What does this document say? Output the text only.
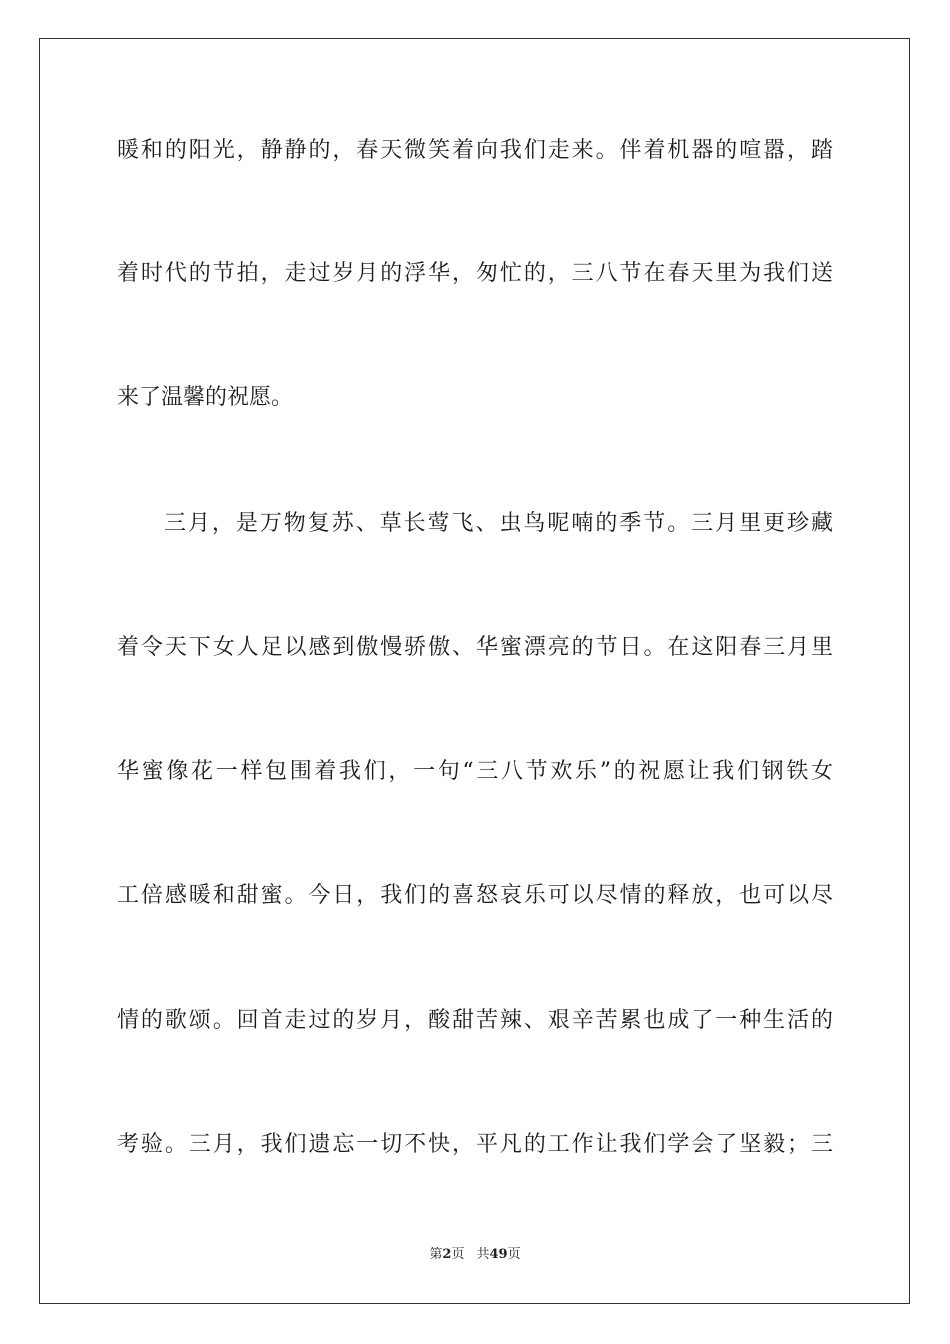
暖和的阳光，静静的，春天微笑着向我们走来。伴着机器的喧嚣，踏
着时代的节拍，走过岁月的浮华，匆忙的，三八节在春天里为我们送
来了温馨的祝愿。
三月，是万物复苏、草长莺飞、虫鸟呢喃的季节。三月里更珍藏
着令天下女人足以感到傲慢骄傲、华蜜漂亮的节日。在这阳春三月里
华蜜像花一样包围着我们，一句“三八节欢乐”的祝愿让我们钢铁女
工倍感暖和甜蜜。今日，我们的喜怒哀乐可以尽情的释放，也可以尽
情的歌颂。回首走过的岁月，酸甜苦辣、艰辛苦累也成了一种生活的
考验。三月，我们遗忘一切不快，平凡的工作让我们学会了坚毅；三
第2页 共49页
